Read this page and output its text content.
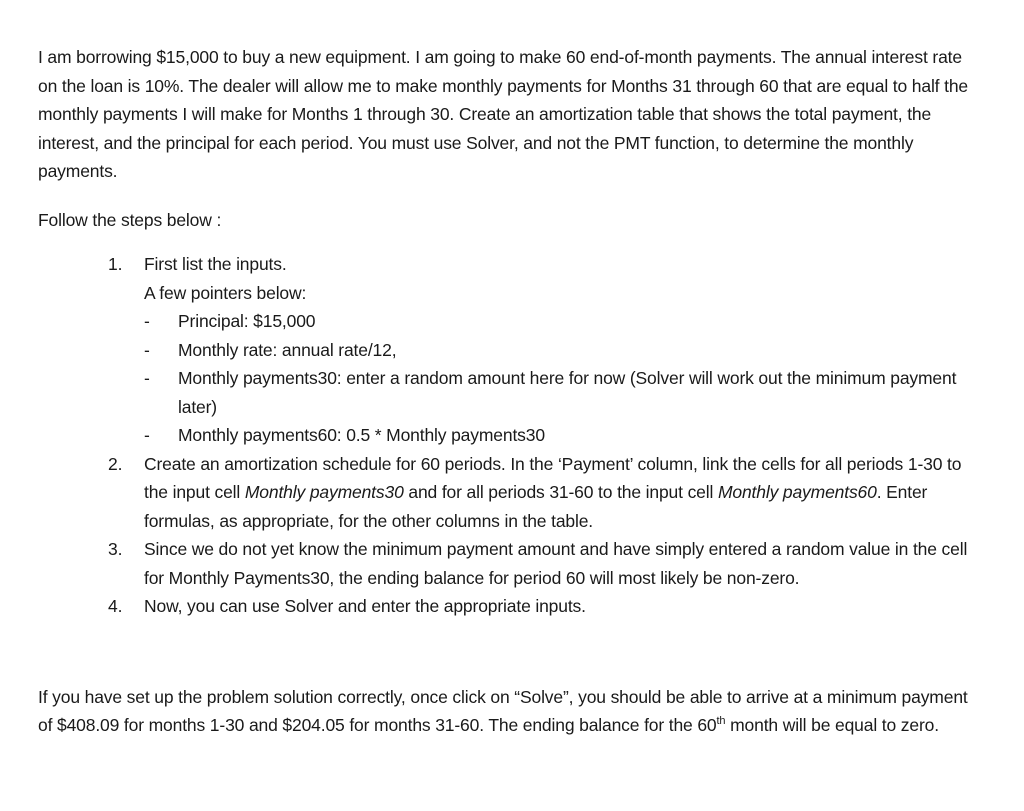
I am borrowing $15,000 to buy a new equipment. I am going to make 60 end-of-month payments. The annual interest rate on the loan is 10%. The dealer will allow me to make monthly payments for Months 31 through 60 that are equal to half the monthly payments I will make for Months 1 through 30. Create an amortization table that shows the total payment, the interest, and the principal for each period. You must use Solver, and not the PMT function, to determine the monthly payments.

Follow the steps below :

1. First list the inputs.
A few pointers below:
- Principal: $15,000
- Monthly rate: annual rate/12,
- Monthly payments30: enter a random amount here for now (Solver will work out the minimum payment later)
- Monthly payments60: 0.5 * Monthly payments30
2. Create an amortization schedule for 60 periods. In the ‘Payment’ column, link the cells for all periods 1-30 to the input cell Monthly payments30 and for all periods 31-60 to the input cell Monthly payments60. Enter formulas, as appropriate, for the other columns in the table.
3. Since we do not yet know the minimum payment amount and have simply entered a random value in the cell for Monthly Payments30, the ending balance for period 60 will most likely be non-zero.
4. Now, you can use Solver and enter the appropriate inputs.

If you have set up the problem solution correctly, once click on “Solve”, you should be able to arrive at a minimum payment of $408.09 for months 1-30 and $204.05 for months 31-60. The ending balance for the 60th month will be equal to zero.
